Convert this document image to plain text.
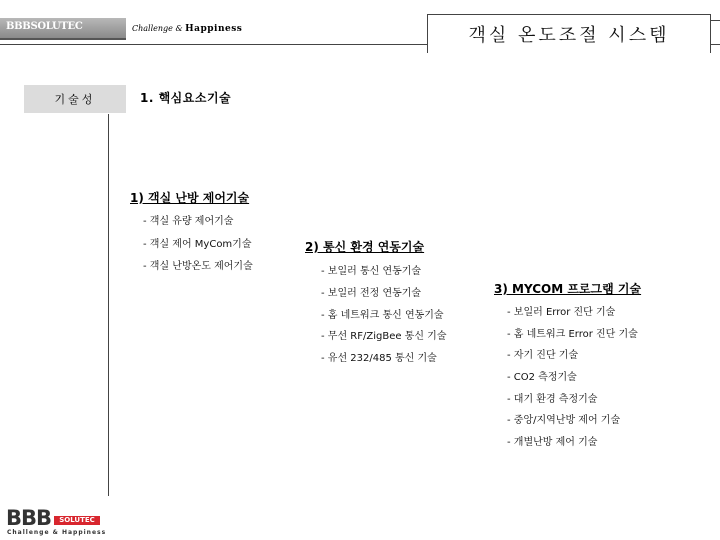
BBBSOLUTEC	Challenge & Happiness	객실 온도조절 시스템
기술성	1. 핵심요소기술
1) 객실 난방 제어기술
- 객실 유량 제어기술
- 객실 제어 MyCom기술
- 객실 난방온도 제어기술
2) 통신 환경 연동기술
- 보일러 통신 연동기술
- 보일러 전정 연동기술
- 홈 네트워크 통신 연동기술
- 무선 RF/ZigBee 통신 기술
- 유선 232/485 통신 기술
3) MYCOM 프로그램 기술
- 보일러 Error 진단 기술
- 홈 네트워크 Error 진단 기술
- 자기 진단 기술
- CO2 측정기술
- 대기 환경 측정기술
- 중앙/지역난방 제어 기술
- 개별난방 제어 기술
BBB	SOLUTEC
Challenge & Happiness
